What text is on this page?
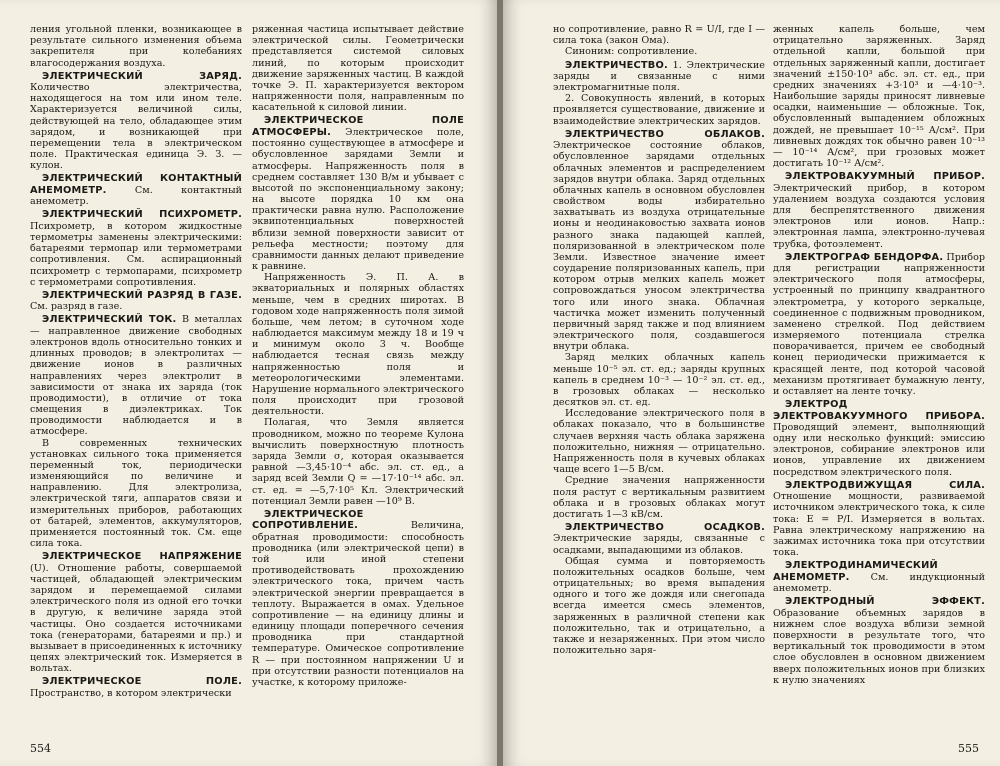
ления угольной пленки, возникающее в результате сильного изменения объема закрепителя при колебаниях влагосодержания воздуха.

ЭЛЕКТРИЧЕСКИЙ ЗАРЯД. Количество электричества, находящегося на том или ином теле. Характеризуется величиной силы, действующей на тело, обладающее этим зарядом, и возникающей при перемещении тела в электрическом поле. Практическая единица Э. З. — кулон.

ЭЛЕКТРИЧЕСКИЙ КОНТАКТНЫЙ АНЕМОМЕТР.	См. контактный анемометр.

ЭЛЕКТРИЧЕСКИЙ ПСИХРОМЕТР. Психрометр, в котором жидкостные термометры заменены электрическими: батареями термопар или термометрами сопротивления. См. аспирационный психрометр с термопарами, психрометр с термометрами сопротивления.

ЭЛЕКТРИЧЕСКИЙ РАЗРЯД В ГАЗЕ. См. разряд в газе.

ЭЛЕКТРИЧЕСКИЙ ТОК. В металлах — направленное движение свободных электронов вдоль относительно тонких и длинных проводов; в электролитах — движение ионов в различных направлениях через электролит в зависимости от знака их заряда (ток проводимости), в отличие от тока смещения в диэлектриках. Ток проводимости наблюдается и в атмосфере.

В современных технических установках сильного тока применяется переменный ток, периодически изменяющийся по величине и направлению. Для электролиза, электрической тяги, аппаратов связи и измерительных приборов, работающих от батарей, элементов, аккумуляторов, применяется постоянный ток. См. еще сила тока.

ЭЛЕКТРИЧЕСКОЕ НАПРЯЖЕНИЕ (U). Отношение работы, совершаемой частицей, обладающей электрическим зарядом и перемещаемой силами электрического поля из одной его точки в другую, к величине заряда этой частицы. Оно создается источниками тока (генераторами, батареями и пр.) и вызывает в присоединенных к источнику цепях электрический ток. Измеряется в вольтах.

ЭЛЕКТРИЧЕСКОЕ ПОЛЕ. Пространство, в котором электрически

ряженная частица испытывает действие электрической силы. Геометрически представляется системой силовых линий, по которым происходит движение заряженных частиц. В каждой точке Э. П. характеризуется вектором напряженности поля, направленным по касательной к силовой линии.

ЭЛЕКТРИЧЕСКОЕ ПОЛЕ АТМОСФЕРЫ. Электрическое поле, постоянно существующее в атмосфере и обусловленное зарядами Земли и атмосферы. Напряженность поля в среднем составляет 130 В/м и убывает с высотой по экспоненциальному закону; на высоте порядка 10 км она практически равна нулю. Расположение эквипотенциальных поверхностей вблизи земной поверхности зависит от рельефа местности; поэтому для сравнимости данных делают приведение к равнине.

Напряженность Э. П. А. в экваториальных и полярных областях меньше, чем в средних широтах. В годовом ходе напряженность поля зимой больше, чем летом; в суточном ходе наблюдается максимум между 18 и 19 ч и минимум около 3 ч. Вообще наблюдается тесная связь между напряженностью поля и метеорологическими элементами. Нарушение нормального электрического поля происходит при грозовой деятельности.

Полагая, что Земля является проводником, можно по теореме Кулона вычислить поверхностную плотность заряда Земли σ, которая оказывается равной —3,45·10⁻⁴ абс. эл. ст. ед., а заряд всей Земли Q = —17·10⁻¹⁴ абс. эл. ст. ед. = —5,7·10⁵ Кл. Электрический потенциал Земли равен —10⁹ В.

ЭЛЕКТРИЧЕСКОЕ СОПРОТИВЛЕНИЕ.	Величина, обратная проводимости: способность проводника (или электрической цепи) в той или иной степени противодействовать прохождению электрического тока, причем часть электрической энергии превращается в теплоту. Выражается в омах. Удельное сопротивление — на единицу длины и единицу площади поперечного сечения проводника при стандартной температуре. Омическое сопротивление R — при постоянном напряжении U и при отсутствии разности потенциалов на участке, к которому приложе-

554

но сопротивление, равно R = U/I, где I — сила тока (закон Ома).

Синоним: сопротивление.

ЭЛЕКТРИЧЕСТВО. 1. Электрические заряды и связанные с ними электромагнитные поля.

2. Совокупность явлений, в которых проявляется существование, движение и взаимодействие электрических зарядов.

ЭЛЕКТРИЧЕСТВО ОБЛАКОВ. Электрическое состояние облаков, обусловленное зарядами отдельных облачных элементов и распределением зарядов внутри облака. Заряд отдельных облачных капель в основном обусловлен свойством воды избирательно захватывать из воздуха отрицательные ионы и неодинаковостью захвата ионов разного знака падающей каплей, поляризованной в электрическом поле Земли. Известное значение имеет соударение поляризованных капель, при котором отрыв мелких капель может сопровождаться уносом электричества того или иного знака. Облачная частичка может изменить полученный первичный заряд также и под влиянием электрического поля, создавшегося внутри облака.

Заряд мелких облачных капель меньше 10⁻⁵ эл. ст. ед.; заряды крупных капель в среднем 10⁻³ — 10⁻² эл. ст. ед., в грозовых облаках — несколько десятков эл. ст. ед.

Исследование электрического поля в облаках показало, что в большинстве случаев верхняя часть облака заряжена положительно, нижняя — отрицательно. Напряженность поля в кучевых облаках чаще всего 1—5 В/см.

Средние значения напряженности поля растут с вертикальным развитием облака и в грозовых облаках могут достигать 1—3 кВ/см.

ЭЛЕКТРИЧЕСТВО ОСАДКОВ. Электрические заряды, связанные с осадками, выпадающими из облаков.

Общая сумма и повторяемость положительных осадков больше, чем отрицательных; во время выпадения одного и того же дождя или снегопада всегда имеется смесь элементов, заряженных в различной степени как положительно, так и отрицательно, а также и незаряженных. При этом число положительно заря-

женных капель больше, чем отрицательно заряженных. Заряд отдельной капли, большой при отдельных заряженный капли, достигает значений ±150·10³ абс. эл. ст. ед., при средних значениях +3·10³ и —4·10⁻³. Наибольшие заряды приносят ливневые осадки, наименьшие — обложные. Ток, обусловленный выпадением обложных дождей, не превышает 10⁻¹⁵ А/см². При ливневых дождях ток обычно равен 10⁻¹³ — 10⁻¹⁴ А/см², при грозовых может достигать 10⁻¹² А/см².

ЭЛЕКТРОВАКУУМНЫЙ ПРИБОР. Электрический прибор, в котором удалением воздуха создаются условия для беспрепятственного движения электронов или ионов. Напр.: электронная лампа, электронно-лучевая трубка, фотоэлемент.

ЭЛЕКТРОГРАФ БЕНДОРФА. Прибор для регистрации напряженности электрического поля атмосферы, устроенный по принципу квадрантного электрометра, у которого зеркальце, соединенное с подвижным проводником, заменено стрелкой. Под действием измеряемого потенциала стрелка поворачивается, причем ее свободный конец периодически прижимается к красящей ленте, под которой часовой механизм протягивает бумажную ленту, и оставляет на ленте точку.

ЭЛЕКТРОД ЭЛЕКТРОВАКУУМНОГО ПРИБОРА. Проводящий элемент, выполняющий одну или несколько функций: эмиссию электронов, собирание электронов или ионов, управление их движением посредством электрического поля.

ЭЛЕКТРОДВИЖУЩАЯ СИЛА. Отношение мощности, развиваемой источником электрического тока, к силе тока: E = P/I. Измеряется в вольтах. Равна электрическому напряжению на зажимах источника тока при отсутствии тока.

ЭЛЕКТРОДИНАМИЧЕСКИЙ АНЕМОМЕТР. См. индукционный анемометр.

ЭЛЕКТРОДНЫЙ ЭФФЕКТ. Образование объемных зарядов в нижнем слое воздуха вблизи земной поверхности в результате того, что вертикальный ток проводимости в этом слое обусловлен в основном движением вверх положительных ионов при близких к нулю значениях

555
